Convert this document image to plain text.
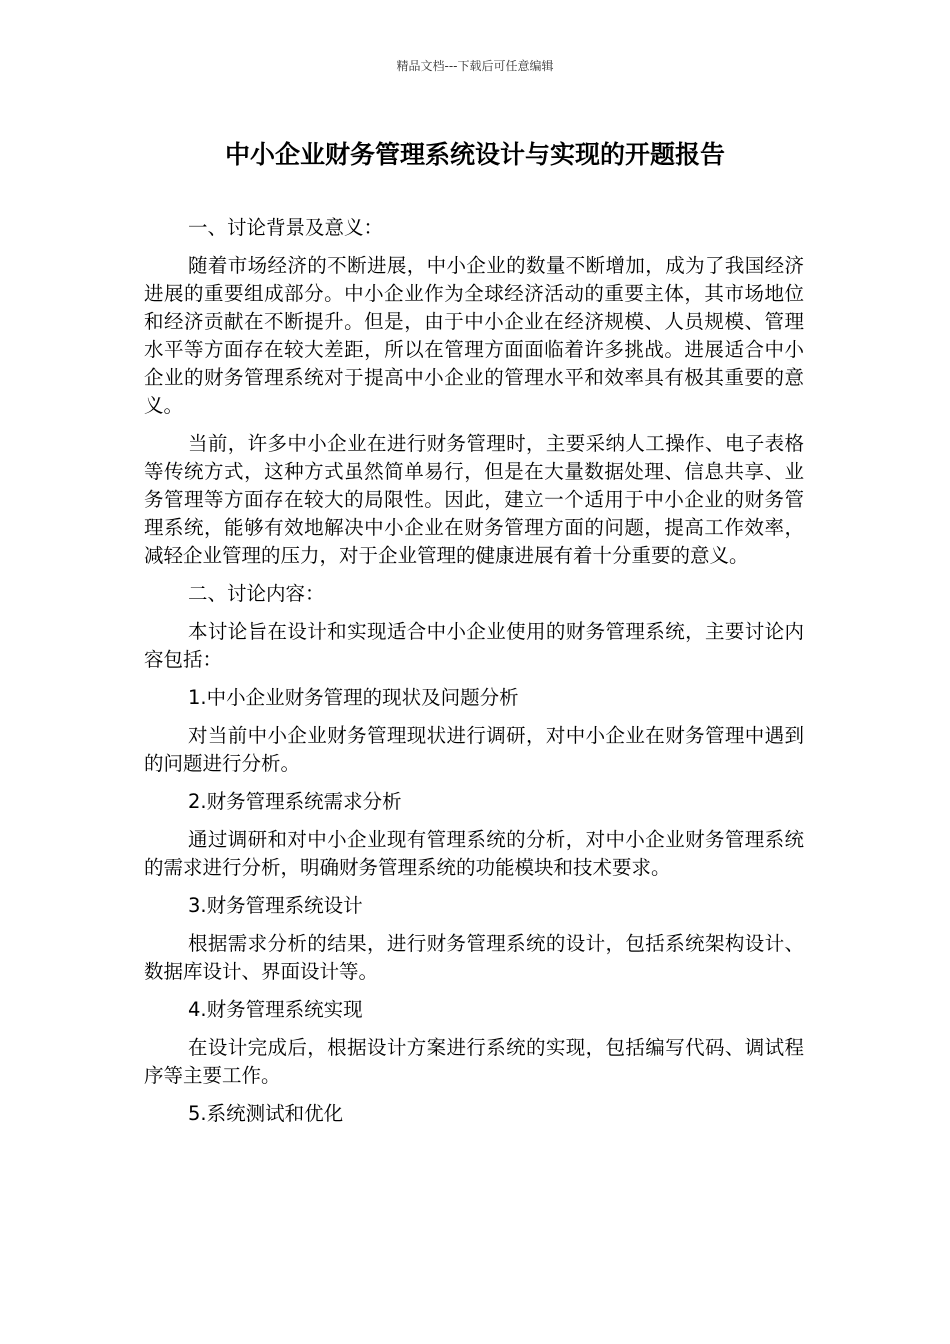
精品文档---下载后可任意编辑
中小企业财务管理系统设计与实现的开题报告

一、讨论背景及意义：

随着市场经济的不断进展，中小企业的数量不断增加，成为了我国经济进展的重要组成部分。中小企业作为全球经济活动的重要主体，其市场地位和经济贡献在不断提升。但是，由于中小企业在经济规模、人员规模、管理水平等方面存在较大差距，所以在管理方面面临着许多挑战。进展适合中小企业的财务管理系统对于提高中小企业的管理水平和效率具有极其重要的意义。

当前，许多中小企业在进行财务管理时，主要采纳人工操作、电子表格等传统方式，这种方式虽然简单易行，但是在大量数据处理、信息共享、业务管理等方面存在较大的局限性。因此，建立一个适用于中小企业的财务管理系统，能够有效地解决中小企业在财务管理方面的问题，提高工作效率，减轻企业管理的压力，对于企业管理的健康进展有着十分重要的意义。

二、讨论内容：

本讨论旨在设计和实现适合中小企业使用的财务管理系统，主要讨论内容包括：

1.中小企业财务管理的现状及问题分析

对当前中小企业财务管理现状进行调研，对中小企业在财务管理中遇到的问题进行分析。

2.财务管理系统需求分析

通过调研和对中小企业现有管理系统的分析，对中小企业财务管理系统的需求进行分析，明确财务管理系统的功能模块和技术要求。

3.财务管理系统设计

根据需求分析的结果，进行财务管理系统的设计，包括系统架构设计、数据库设计、界面设计等。

4.财务管理系统实现

在设计完成后，根据设计方案进行系统的实现，包括编写代码、调试程序等主要工作。

5.系统测试和优化
